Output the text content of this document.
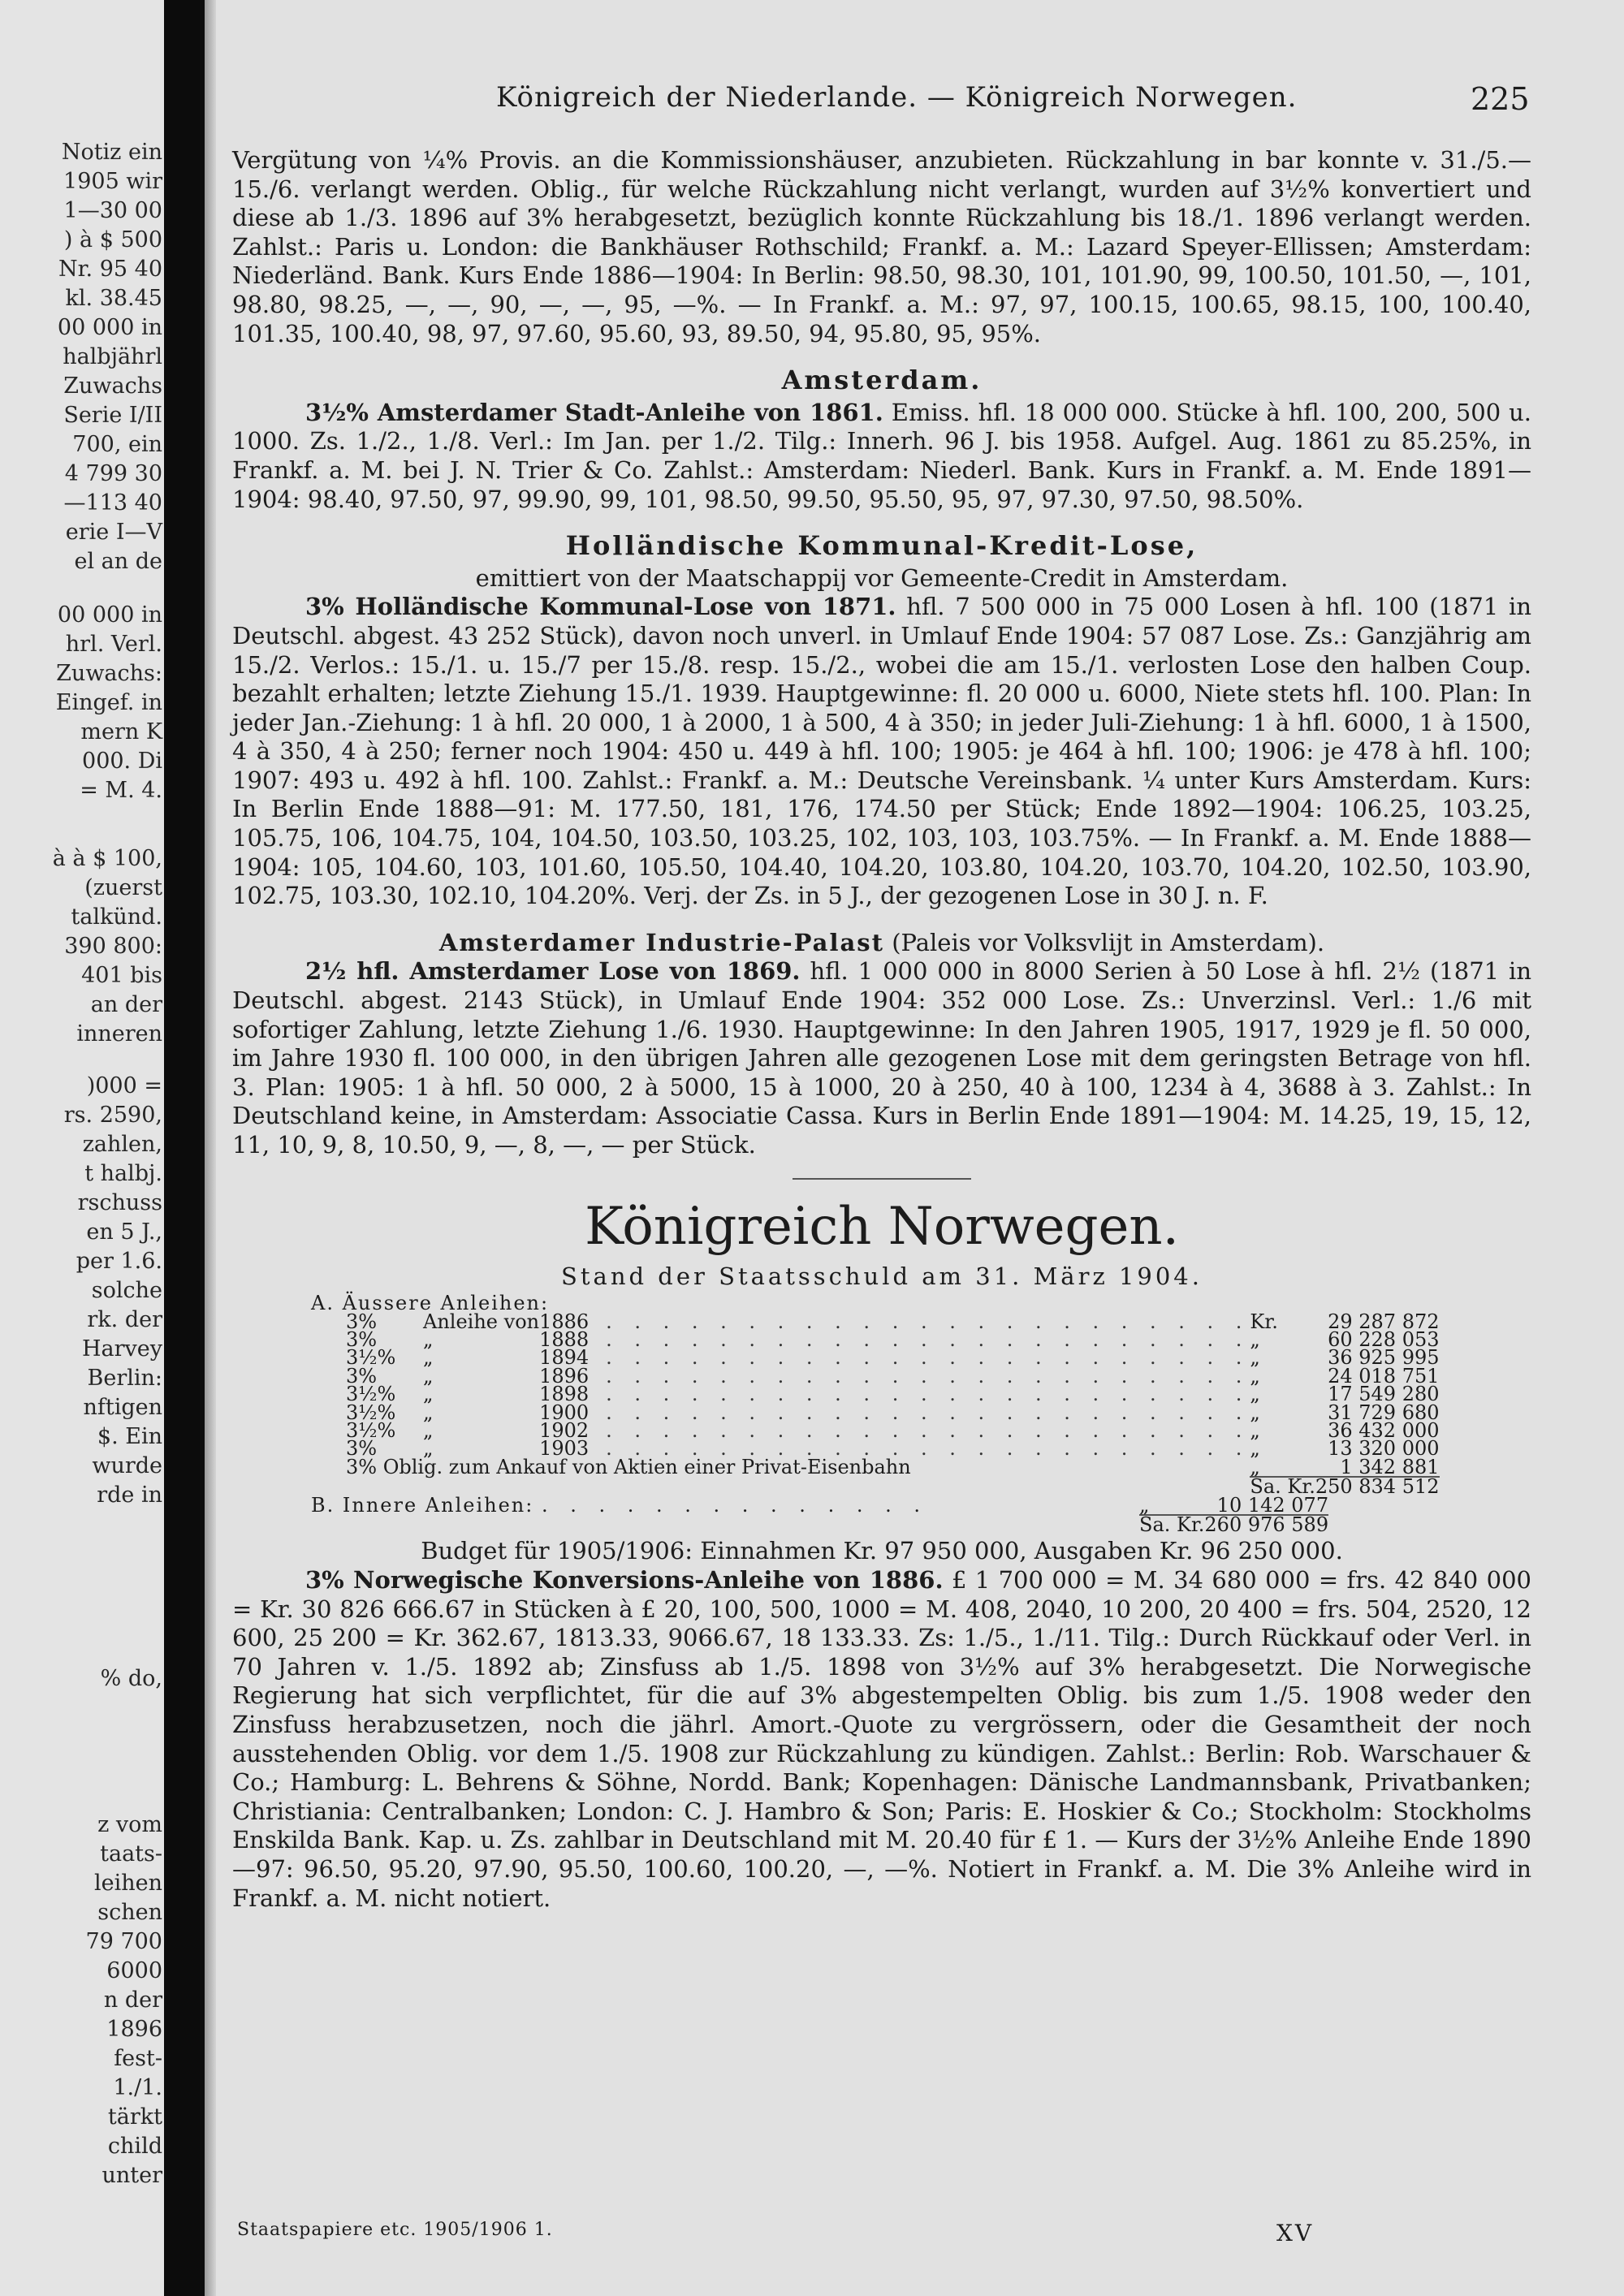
Notiz ein
1905 wir
1—30 00
) à $ 500
Nr. 95 40
kl. 38.45
00 000 in
halbjährl
Zuwachs
Serie I/II
700, ein
4 799 30
—113 40
erie I—V
el an de
00 000 in
hrl. Verl.
Zuwachs:
Eingef. in
mern K
000. Di
= M. 4.
à à $ 100,
(zuerst
talkünd.
390 800:
401 bis
an der
inneren
)000 =
rs. 2590,
zahlen,
t halbj.
rschuss
en 5 J.,
per 1.6.
solche
rk. der
Harvey
Berlin:
nftigen
$. Ein
wurde
rde in
% do,
z vom
taats-
leihen
schen
79 700
6000
n der
1896
fest-
1./1.
tärkt
child
unter
Königreich der Niederlande. — Königreich Norwegen.	225

Vergütung von ¼% Provis. an die Kommissionshäuser, anzubieten. Rückzahlung in bar konnte v. 31./5.—15./6. verlangt werden. Oblig., für welche Rückzahlung nicht verlangt, wurden auf 3½% konvertiert und diese ab 1./3. 1896 auf 3% herabgesetzt, bezüglich konnte Rückzahlung bis 18./1. 1896 verlangt werden. Zahlst.: Paris u. London: die Bankhäuser Rothschild; Frankf. a. M.: Lazard Speyer-Ellissen; Amsterdam: Niederländ. Bank. Kurs Ende 1886—1904: In Berlin: 98.50, 98.30, 101, 101.90, 99, 100.50, 101.50, —, 101, 98.80, 98.25, —, —, 90, —, —, 95, —%. — In Frankf. a. M.: 97, 97, 100.15, 100.65, 98.15, 100, 100.40, 101.35, 100.40, 98, 97, 97.60, 95.60, 93, 89.50, 94, 95.80, 95, 95%.

Amsterdam.

3½% Amsterdamer Stadt-Anleihe von 1861. Emiss. hfl. 18 000 000. Stücke à hfl. 100, 200, 500 u. 1000. Zs. 1./2., 1./8. Verl.: Im Jan. per 1./2. Tilg.: Innerh. 96 J. bis 1958. Aufgel. Aug. 1861 zu 85.25%, in Frankf. a. M. bei J. N. Trier & Co. Zahlst.: Amsterdam: Niederl. Bank. Kurs in Frankf. a. M. Ende 1891—1904: 98.40, 97.50, 97, 99.90, 99, 101, 98.50, 99.50, 95.50, 95, 97, 97.30, 97.50, 98.50%.

Holländische Kommunal-Kredit-Lose,

emittiert von der Maatschappij vor Gemeente-Credit in Amsterdam.

3% Holländische Kommunal-Lose von 1871. hfl. 7 500 000 in 75 000 Losen à hfl. 100 (1871 in Deutschl. abgest. 43 252 Stück), davon noch unverl. in Umlauf Ende 1904: 57 087 Lose. Zs.: Ganzjährig am 15./2. Verlos.: 15./1. u. 15./7 per 15./8. resp. 15./2., wobei die am 15./1. verlosten Lose den halben Coup. bezahlt erhalten; letzte Ziehung 15./1. 1939. Hauptgewinne: fl. 20 000 u. 6000, Niete stets hfl. 100. Plan: In jeder Jan.-Ziehung: 1 à hfl. 20 000, 1 à 2000, 1 à 500, 4 à 350; in jeder Juli-Ziehung: 1 à hfl. 6000, 1 à 1500, 4 à 350, 4 à 250; ferner noch 1904: 450 u. 449 à hfl. 100; 1905: je 464 à hfl. 100; 1906: je 478 à hfl. 100; 1907: 493 u. 492 à hfl. 100. Zahlst.: Frankf. a. M.: Deutsche Vereinsbank. ¼ unter Kurs Amsterdam. Kurs: In Berlin Ende 1888—91: M. 177.50, 181, 176, 174.50 per Stück; Ende 1892—1904: 106.25, 103.25, 105.75, 106, 104.75, 104, 104.50, 103.50, 103.25, 102, 103, 103, 103.75%. — In Frankf. a. M. Ende 1888—1904: 105, 104.60, 103, 101.60, 105.50, 104.40, 104.20, 103.80, 104.20, 103.70, 104.20, 102.50, 103.90, 102.75, 103.30, 102.10, 104.20%. Verj. der Zs. in 5 J., der gezogenen Lose in 30 J. n. F.

Amsterdamer Industrie-Palast (Paleis vor Volksvlijt in Amsterdam).

2½ hfl. Amsterdamer Lose von 1869. hfl. 1 000 000 in 8000 Serien à 50 Lose à hfl. 2½ (1871 in Deutschl. abgest. 2143 Stück), in Umlauf Ende 1904: 352 000 Lose. Zs.: Unverzinsl. Verl.: 1./6 mit sofortiger Zahlung, letzte Ziehung 1./6. 1930. Hauptgewinne: In den Jahren 1905, 1917, 1929 je fl. 50 000, im Jahre 1930 fl. 100 000, in den übrigen Jahren alle gezogenen Lose mit dem geringsten Betrage von hfl. 3. Plan: 1905: 1 à hfl. 50 000, 2 à 5000, 15 à 1000, 20 à 250, 40 à 100, 1234 à 4, 3688 à 3. Zahlst.: In Deutschland keine, in Amsterdam: Associatie Cassa. Kurs in Berlin Ende 1891—1904: M. 14.25, 19, 15, 12, 11, 10, 9, 8, 10.50, 9, —, 8, —, — per Stück.

Königreich Norwegen.

Stand der Staatsschuld am 31. März 1904.

A. Äussere Anleihen:
3%	Anleihe von	1886	. . . . . . . . . . . . . . . . . . . . . . .	Kr.	29 287 872
3%	„	1888	. . . . . . . . . . . . . . . . . . . . . . .	„	60 228 053
3½%	„	1894	. . . . . . . . . . . . . . . . . . . . . . .	„	36 925 995
3%	„	1896	. . . . . . . . . . . . . . . . . . . . . . .	„	24 018 751
3½%	„	1898	. . . . . . . . . . . . . . . . . . . . . . .	„	17 549 280
3½%	„	1900	. . . . . . . . . . . . . . . . . . . . . . .	„	31 729 680
3½%	„	1902	. . . . . . . . . . . . . . . . . . . . . . .	„	36 432 000
3%	„	1903	. . . . . . . . . . . . . . . . . . . . . . .	„	13 320 000
3% Oblig. zum Ankauf von Aktien einer Privat-Eisenbahn				„	1 342 881
				Sa. Kr.	250 834 512
B. Innere Anleihen: . . . . . . . . . . . . . .		„	10 142 077
		Sa. Kr.	260 976 589

Budget für 1905/1906: Einnahmen Kr. 97 950 000, Ausgaben Kr. 96 250 000.

3% Norwegische Konversions-Anleihe von 1886. £ 1 700 000 = M. 34 680 000 = frs. 42 840 000 = Kr. 30 826 666.67 in Stücken à £ 20, 100, 500, 1000 = M. 408, 2040, 10 200, 20 400 = frs. 504, 2520, 12 600, 25 200 = Kr. 362.67, 1813.33, 9066.67, 18 133.33. Zs: 1./5., 1./11. Tilg.: Durch Rückkauf oder Verl. in 70 Jahren v. 1./5. 1892 ab; Zinsfuss ab 1./5. 1898 von 3½% auf 3% herabgesetzt. Die Norwegische Regierung hat sich verpflichtet, für die auf 3% abgestempelten Oblig. bis zum 1./5. 1908 weder den Zinsfuss herabzusetzen, noch die jährl. Amort.-Quote zu vergrössern, oder die Gesamtheit der noch ausstehenden Oblig. vor dem 1./5. 1908 zur Rückzahlung zu kündigen. Zahlst.: Berlin: Rob. Warschauer & Co.; Hamburg: L. Behrens & Söhne, Nordd. Bank; Kopenhagen: Dänische Landmannsbank, Privatbanken; Christiania: Centralbanken; London: C. J. Hambro & Son; Paris: E. Hoskier & Co.; Stockholm: Stockholms Enskilda Bank. Kap. u. Zs. zahlbar in Deutschland mit M. 20.40 für £ 1. — Kurs der 3½% Anleihe Ende 1890—97: 96.50, 95.20, 97.90, 95.50, 100.60, 100.20, —, —%. Notiert in Frankf. a. M. Die 3% Anleihe wird in Frankf. a. M. nicht notiert.

Staatspapiere etc. 1905/1906 1.	XV
